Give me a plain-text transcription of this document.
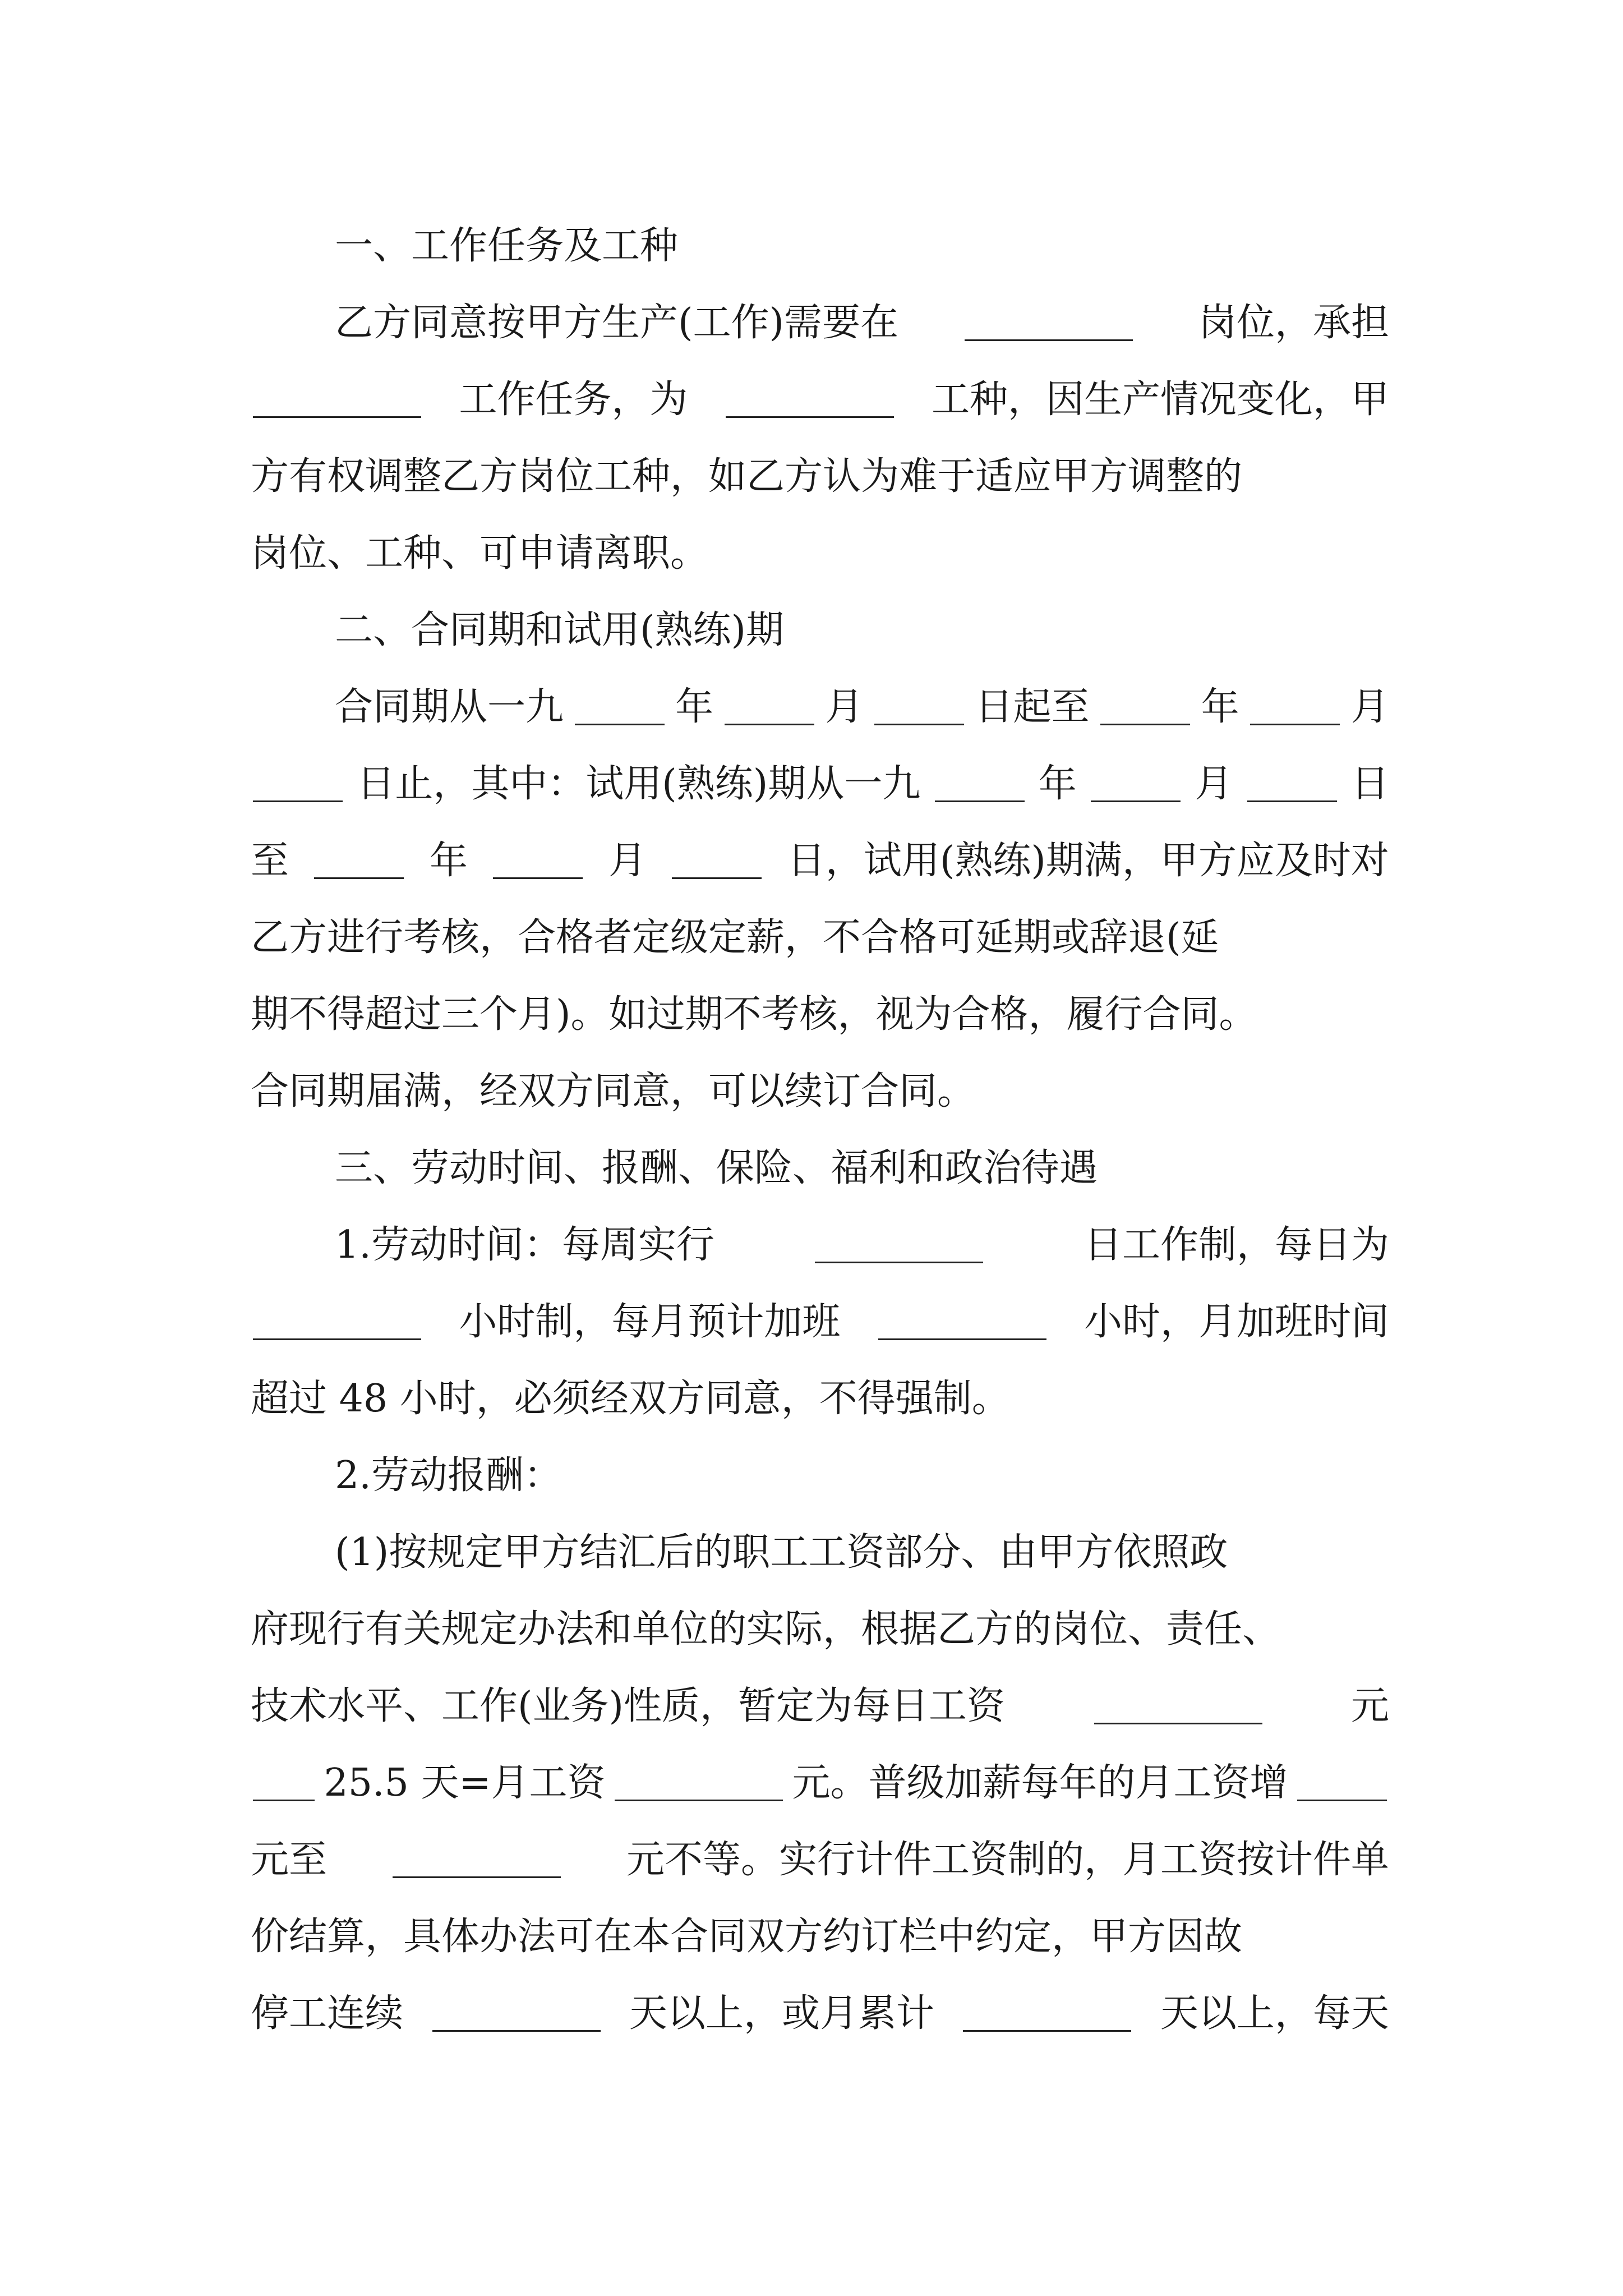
一、工作任务及工种
乙方同意按甲方生产(工作)需要在	岗位，承担
工作任务，为	工种，因生产情况变化，甲
方有权调整乙方岗位工种，如乙方认为难于适应甲方调整的
岗位、工种、可申请离职。
二、合同期和试用(熟练)期
合同期从一九	年	月	日起至	年	月
日止，其中：试用(熟练)期从一九	年	月	日
至	年	月	日，试用(熟练)期满，甲方应及时对
乙方进行考核，合格者定级定薪，不合格可延期或辞退(延
期不得超过三个月)。如过期不考核，视为合格，履行合同。
合同期届满，经双方同意，可以续订合同。
三、劳动时间、报酬、保险、福利和政治待遇
1.劳动时间：每周实行	日工作制，每日为
小时制，每月预计加班	小时，月加班时间
超过 48 小时，必须经双方同意，不得强制。
2.劳动报酬：
(1)按规定甲方结汇后的职工工资部分、由甲方依照政
府现行有关规定办法和单位的实际，根据乙方的岗位、责任、
技术水平、工作(业务)性质，暂定为每日工资	元
25.5 天=月工资	元。普级加薪每年的月工资增
元至	元不等。实行计件工资制的，月工资按计件单
价结算，具体办法可在本合同双方约订栏中约定，甲方因故
停工连续	天以上，或月累计	天以上，每天
